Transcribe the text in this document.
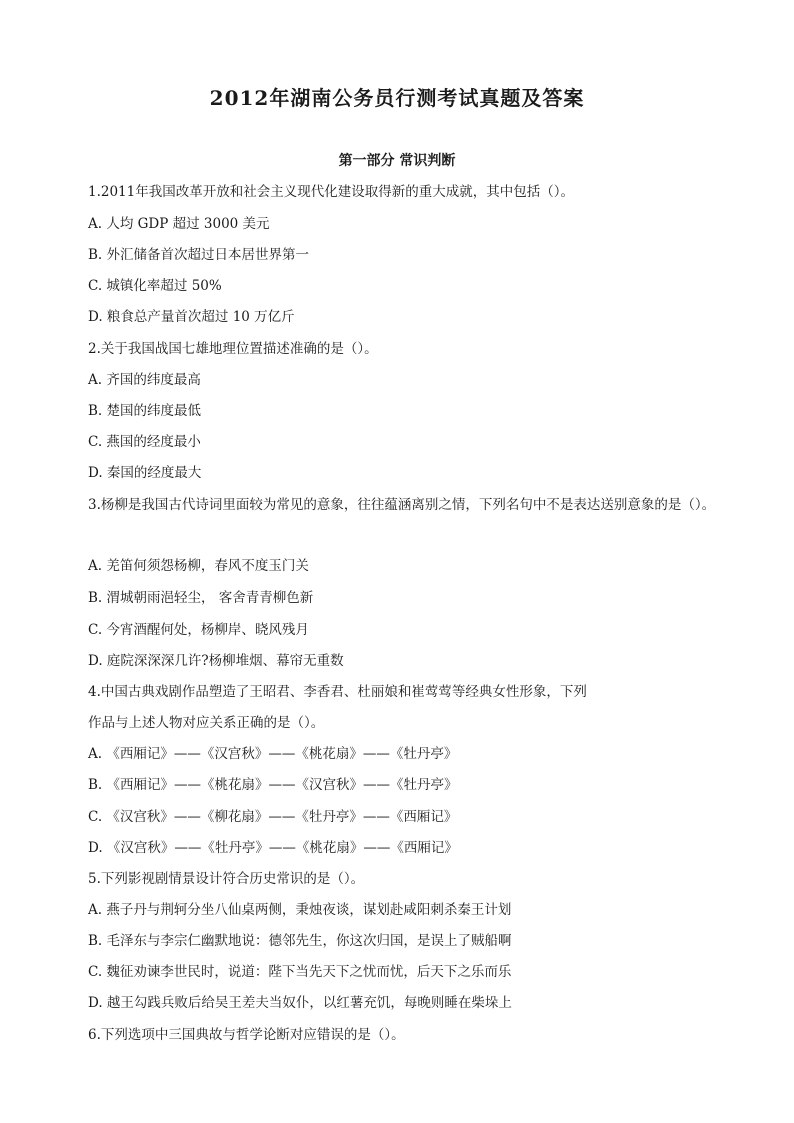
2012年湖南公务员行测考试真题及答案
第一部分 常识判断

1.2011年我国改革开放和社会主义现代化建设取得新的重大成就，其中包括（）。

A. 人均 GDP 超过 3000 美元

B. 外汇储备首次超过日本居世界第一

C. 城镇化率超过 50%

D. 粮食总产量首次超过 10 万亿斤

2.关于我国战国七雄地理位置描述准确的是（）。

A. 齐国的纬度最高

B. 楚国的纬度最低

C. 燕国的经度最小

D. 秦国的经度最大

3.杨柳是我国古代诗词里面较为常见的意象，往往蕴涵离别之情，下列名句中不是表达送别意象的是（）。

A. 羌笛何须怨杨柳，春风不度玉门关

B. 渭城朝雨浥轻尘， 客舍青青柳色新

C. 今宵酒醒何处，杨柳岸、晓风残月

D. 庭院深深深几许?杨柳堆烟、幕帘无重数

4.中国古典戏剧作品塑造了王昭君、李香君、杜丽娘和崔莺莺等经典女性形象，下列

作品与上述人物对应关系正确的是（）。

A. 《西厢记》——《汉宫秋》——《桃花扇》——《牡丹亭》

B. 《西厢记》——《桃花扇》——《汉宫秋》——《牡丹亭》

C. 《汉宫秋》——《柳花扇》——《牡丹亭》——《西厢记》

D. 《汉宫秋》——《牡丹亭》——《桃花扇》——《西厢记》

5.下列影视剧情景设计符合历史常识的是（）。

A. 燕子丹与荆轲分坐八仙桌两侧，秉烛夜谈，谋划赴咸阳刺杀秦王计划

B. 毛泽东与李宗仁幽默地说：德邻先生，你这次归国，是误上了贼船啊

C. 魏征劝谏李世民时，说道：陛下当先天下之忧而忧，后天下之乐而乐

D. 越王勾践兵败后给吴王差夫当奴仆，以红薯充饥，每晚则睡在柴垛上

6.下列选项中三国典故与哲学论断对应错误的是（）。
